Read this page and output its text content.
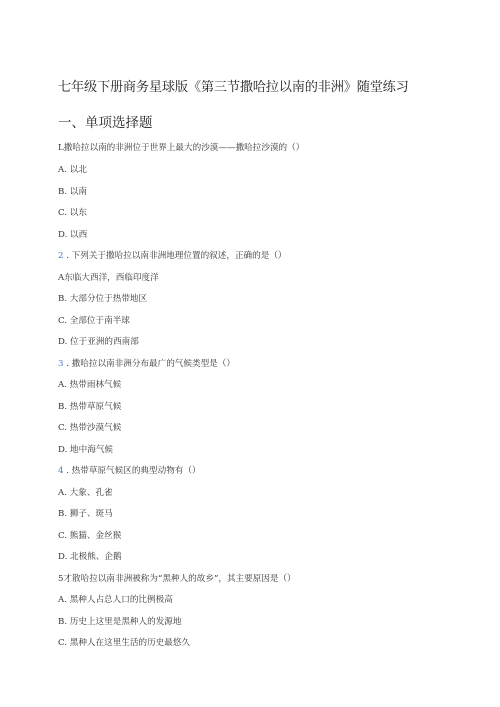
七年级下册商务星球版《第三节撒哈拉以南的非洲》随堂练习
一、单项选择题
L撒哈拉以南的非洲位于世界上最大的沙漠——撒哈拉沙漠的（）
A. 以北
B. 以南
C. 以东
D. 以西
2 . 下列关于撒哈拉以南非洲地理位置的叙述，正确的是（）
A东临大西洋，西临印度洋
B. 大部分位于热带地区
C. 全部位于南半球
D. 位于亚洲的西南部
3 . 撒哈拉以南非洲分布最广的气候类型是（）
A. 热带雨林气候
B. 热带草原气候
C. 热带沙漠气候
D. 地中海气候
4 . 热带草原气候区的典型动物有（）
A. 大象、孔雀
B. 狮子、斑马
C. 熊猫、金丝猴
D. 北极熊、企鹅
5才散哈拉以南非洲被称为“黑种人的故乡”，其主要原因是（）
A. 黑种人占总人口的比例极高
B. 历史上这里是黑种人的发源地
C. 黑种人在这里生活的历史最悠久
